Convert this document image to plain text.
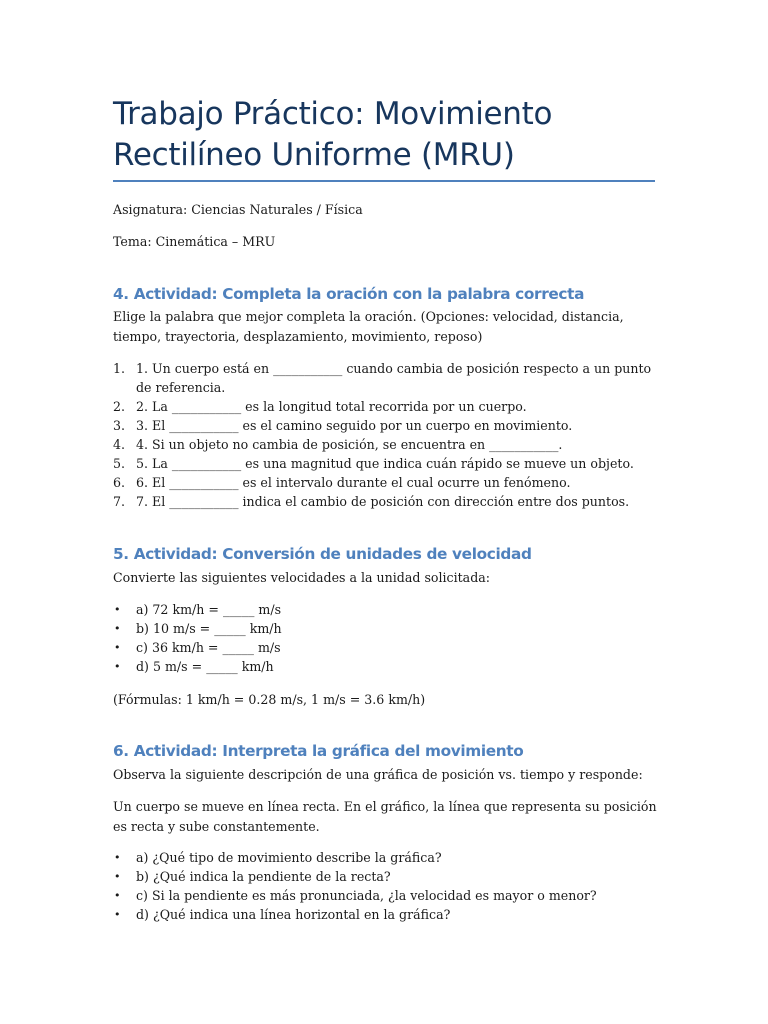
Trabajo Práctico: Movimiento Rectilíneo Uniforme (MRU)

Asignatura: Ciencias Naturales / Física

Tema: Cinemática – MRU

4. Actividad: Completa la oración con la palabra correcta

Elige la palabra que mejor completa la oración. (Opciones: velocidad, distancia, tiempo, trayectoria, desplazamiento, movimiento, reposo)

1. 1. Un cuerpo está en ___________ cuando cambia de posición respecto a un punto de referencia.
2. 2. La ___________ es la longitud total recorrida por un cuerpo.
3. 3. El ___________ es el camino seguido por un cuerpo en movimiento.
4. 4. Si un objeto no cambia de posición, se encuentra en ___________.
5. 5. La ___________ es una magnitud que indica cuán rápido se mueve un objeto.
6. 6. El ___________ es el intervalo durante el cual ocurre un fenómeno.
7. 7. El ___________ indica el cambio de posición con dirección entre dos puntos.
5. Actividad: Conversión de unidades de velocidad

Convierte las siguientes velocidades a la unidad solicitada:

• a) 72 km/h = _____ m/s
• b) 10 m/s = _____ km/h
• c) 36 km/h = _____ m/s
• d) 5 m/s = _____ km/h

(Fórmulas: 1 km/h = 0.28 m/s, 1 m/s = 3.6 km/h)

6. Actividad: Interpreta la gráfica del movimiento

Observa la siguiente descripción de una gráfica de posición vs. tiempo y responde:

Un cuerpo se mueve en línea recta. En el gráfico, la línea que representa su posición es recta y sube constantemente.

• a) ¿Qué tipo de movimiento describe la gráfica?
• b) ¿Qué indica la pendiente de la recta?
• c) Si la pendiente es más pronunciada, ¿la velocidad es mayor o menor?
• d) ¿Qué indica una línea horizontal en la gráfica?
